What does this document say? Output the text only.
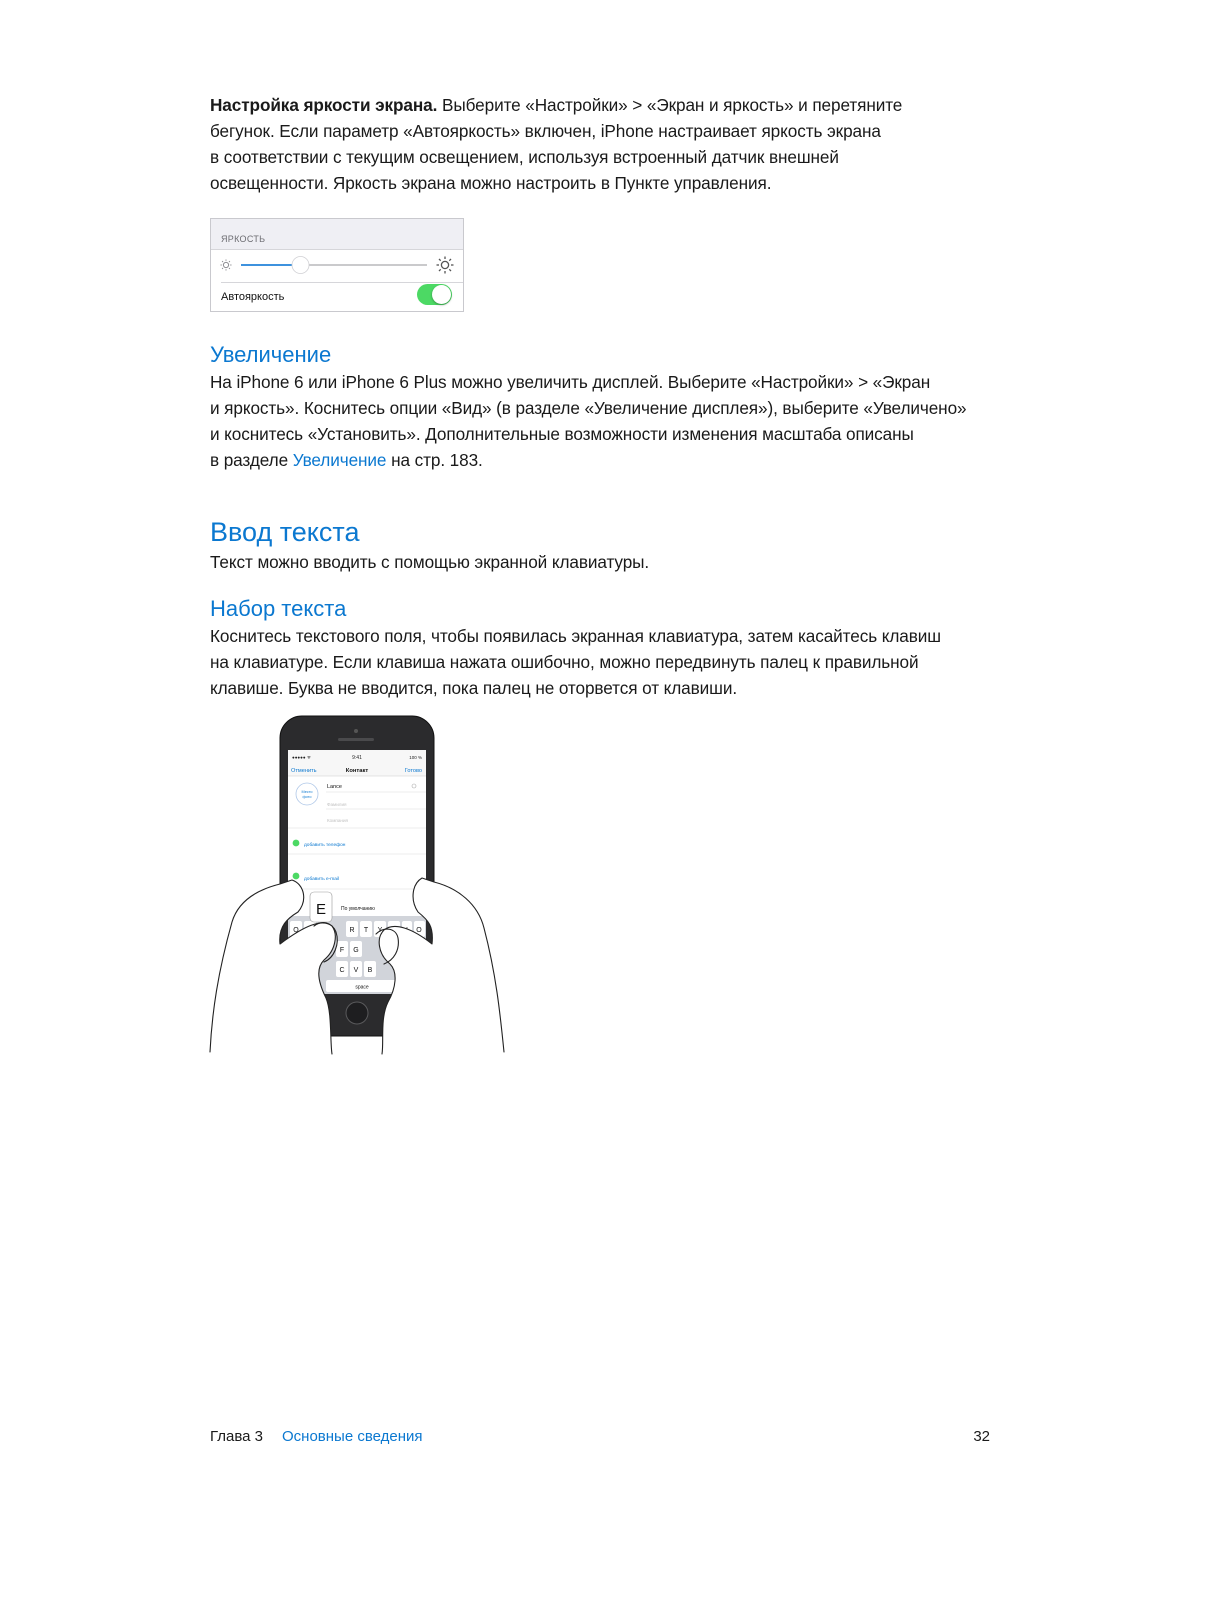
Настройка яркости экрана. Выберите «Настройки» > «Экран и яркость» и перетяните
бегунок. Если параметр «Автояркость» включен, iPhone настраивает яркость экрана
в соответствии с текущим освещением, используя встроенный датчик внешней
освещенности. Яркость экрана можно настроить в Пункте управления.

ЯРКОСТЬ
Автояркость
Увеличение

На iPhone 6 или iPhone 6 Plus можно увеличить дисплей. Выберите «Настройки» > «Экран
и яркость». Коснитесь опции «Вид» (в разделе «Увеличение дисплея»), выберите «Увеличено»
и коснитесь «Установить». Дополнительные возможности изменения масштаба описаны
в разделе Увеличение на стр. 183.

Ввод текста

Текст можно вводить с помощью экранной клавиатуры.

Набор текста

Коснитесь текстового поля, чтобы появилась экранная клавиатура, затем касайтесь клавиш
на клавиатуре. Если клавиша нажата ошибочно, можно передвинуть палец к правильной
клавише. Буква не вводится, пока палец не оторвется от клавиши.

●●●●● ᯤ	9:41	100 %
Отменить	Контакт	Готово
Место
фото
Lance
Фамилия
Компания
добавить телефон
добавить e-mail
По умолчанию
Q	R T Y	O
F G
C V B
space
E
Глава 3 Основные сведения	32
